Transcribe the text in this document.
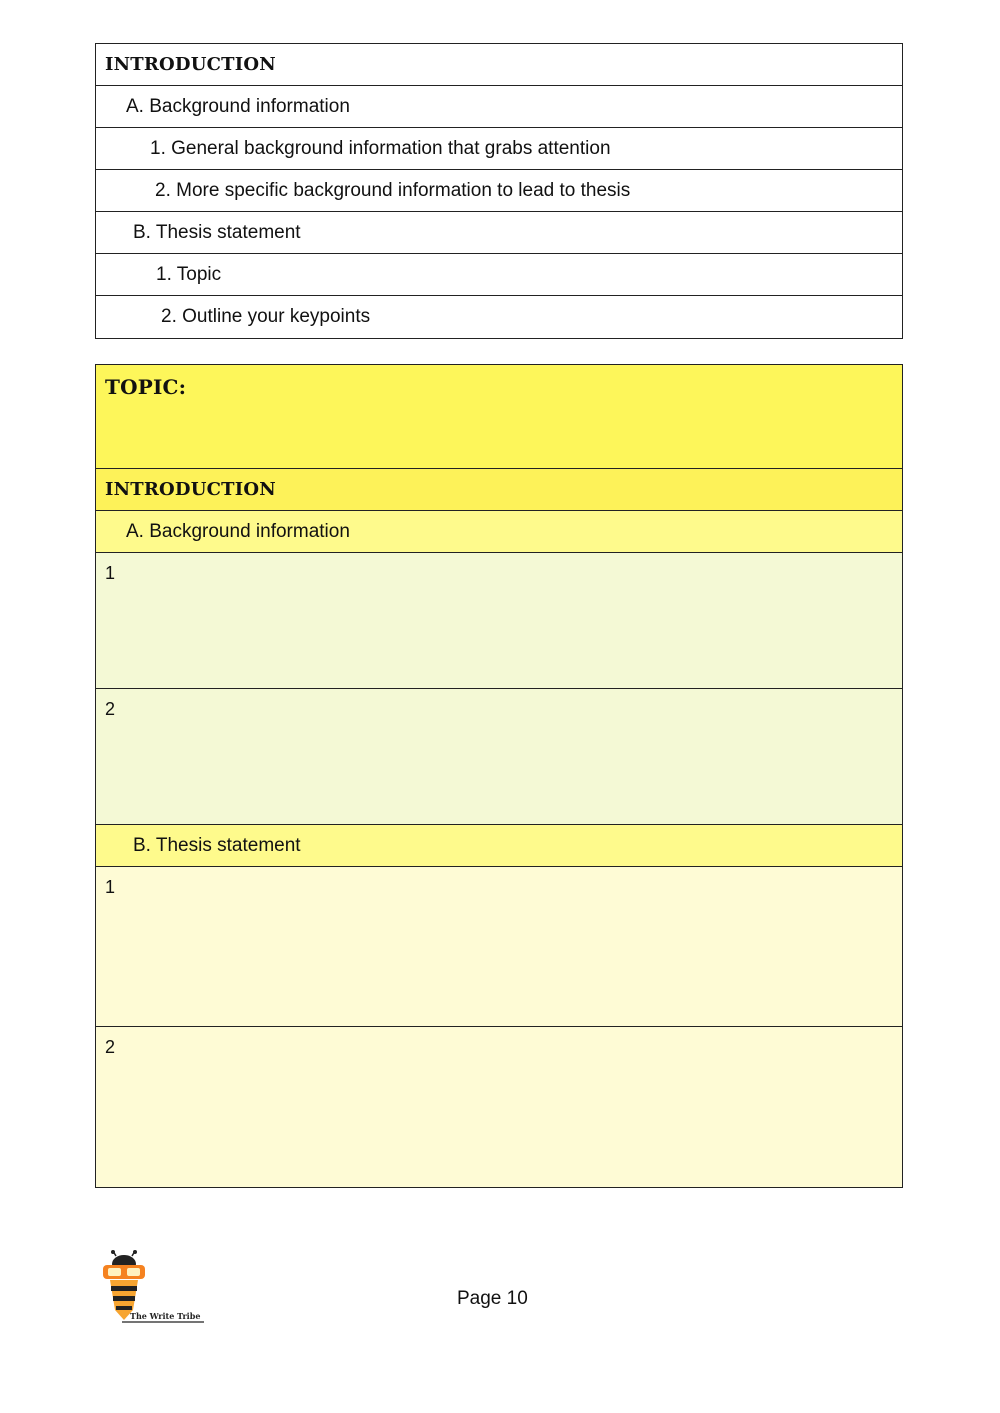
INTRODUCTION
A. Background information
1. General background information that grabs attention
2. More specific background information to lead to thesis
B. Thesis statement
1. Topic
2. Outline your keypoints
TOPIC:
INTRODUCTION
A. Background information
1
2
B. Thesis statement
1
2
The Write Tribe
Page 10
